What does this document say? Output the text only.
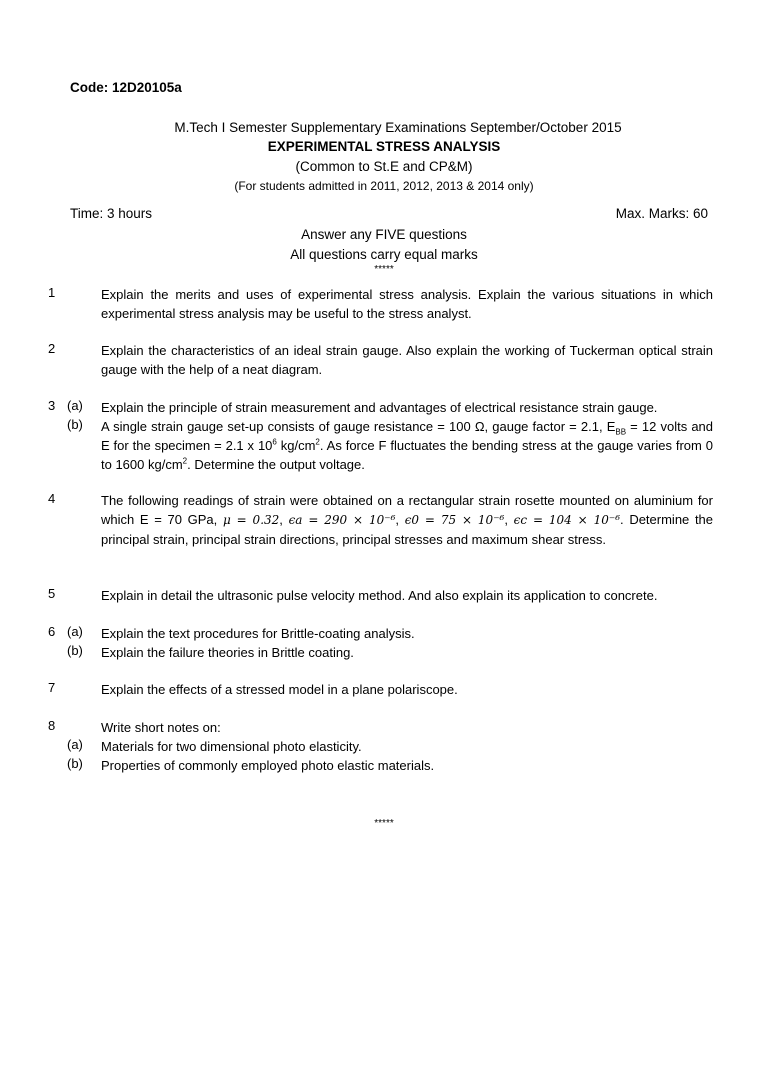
Code: 12D20105a
M.Tech I Semester Supplementary Examinations September/October 2015
EXPERIMENTAL STRESS ANALYSIS
(Common to St.E and CP&M)
(For students admitted in 2011, 2012, 2013 & 2014 only)
Time: 3 hours	Max. Marks: 60
Answer any FIVE questions
All questions carry equal marks
*****
1	Explain the merits and uses of experimental stress analysis. Explain the various situations in which experimental stress analysis may be useful to the stress analyst.
2	Explain the characteristics of an ideal strain gauge. Also explain the working of Tuckerman optical strain gauge with the help of a neat diagram.
3 (a)	Explain the principle of strain measurement and advantages of electrical resistance strain gauge.
(b)	A single strain gauge set-up consists of gauge resistance = 100 Ω, gauge factor = 2.1, $E_{BB} = 12$ volts and E for the specimen = 2.1 x $10^6$ $kg/cm^2$. As force F fluctuates the bending stress at the gauge varies from 0 to 1600 $kg/cm^2$. Determine the output voltage.
4	The following readings of strain were obtained on a rectangular strain rosette mounted on aluminium for which E = 70 GPa, μ = 0.32, ϵa = 290 × 10⁻⁶, ϵ0 = 75 × 10⁻⁶, ϵc = 104 × 10⁻⁶. Determine the principal strain, principal strain directions, principal stresses and maximum shear stress.
5	Explain in detail the ultrasonic pulse velocity method. And also explain its application to concrete.
6 (a)	Explain the text procedures for Brittle-coating analysis.
(b)	Explain the failure theories in Brittle coating.
7	Explain the effects of a stressed model in a plane polariscope.
8	Write short notes on:
(a)	Materials for two dimensional photo elasticity.
(b)	Properties of commonly employed photo elastic materials.
*****
